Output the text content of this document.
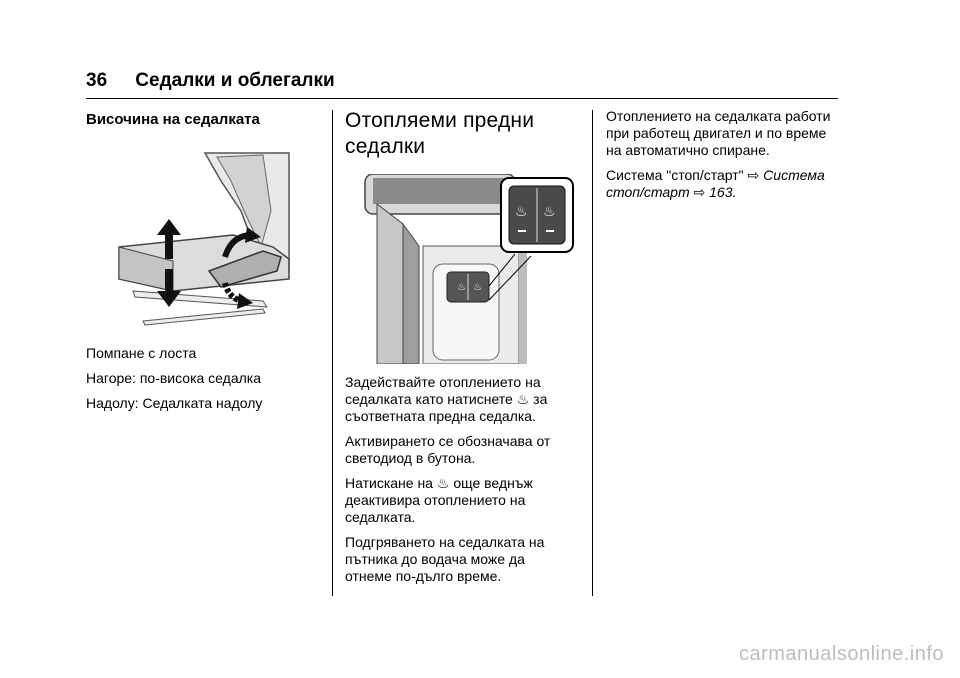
36 Седалки и облегалки
Височина на седалката

Помпане с лоста

Нагоре: по-висока седалка

Надолу: Седалката надолу

Отопляеми предни
седалки
♨ ♨
♨ ♨

Задействайте отоплението на

седалката като натиснете ♨ за

съответната предна седалка.

Активирането се обозначава от

светодиод в бутона.

Натискане на ♨ още веднъж

деактивира отоплението на

седалката.

Подгряването на седалката на

пътника до водача може да

отнеме по-дълго време.

Отоплението на седалката работи

при работещ двигател и по време

на автоматично спиране.

Система "стоп/старт" ⇨ Система

стоп/старт ⇨ 163.

carmanualsonline.info
